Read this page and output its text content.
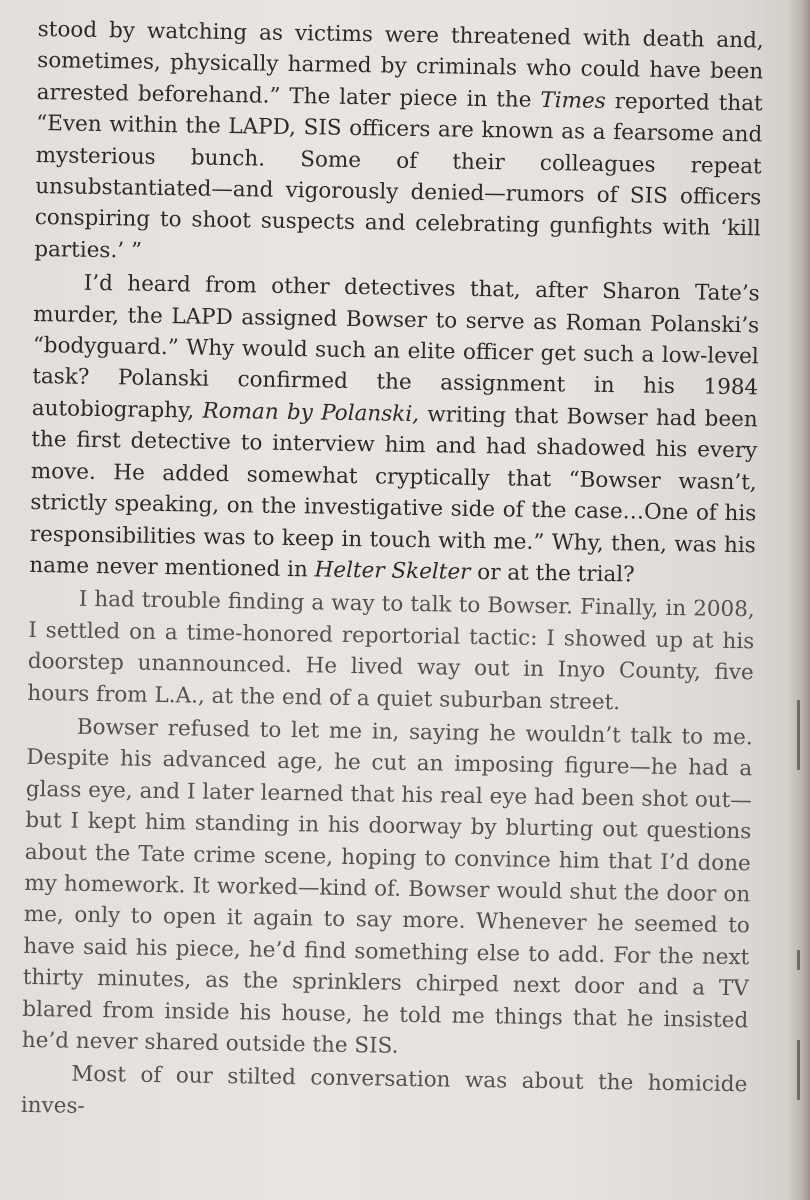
stood by watching as victims were threatened with death and, sometimes, physically harmed by criminals who could have been arrested beforehand.” The later piece in the Times reported that “Even within the LAPD, SIS officers are known as a fearsome and mysterious bunch. Some of their colleagues repeat unsubstantiated—and vigorously denied—rumors of SIS officers conspiring to shoot suspects and celebrating gunfights with ‘kill parties.’ ”

I’d heard from other detectives that, after Sharon Tate’s murder, the LAPD assigned Bowser to serve as Roman Polanski’s “bodyguard.” Why would such an elite officer get such a low-level task? Polanski confirmed the assignment in his 1984 autobiography, Roman by Polanski, writing that Bowser had been the first detective to interview him and had shadowed his every move. He added somewhat cryptically that “Bowser wasn’t, strictly speaking, on the investigative side of the case…One of his responsibilities was to keep in touch with me.” Why, then, was his name never mentioned in Helter Skelter or at the trial?

I had trouble finding a way to talk to Bowser. Finally, in 2008, I settled on a time-honored reportorial tactic: I showed up at his doorstep unannounced. He lived way out in Inyo County, five hours from L.A., at the end of a quiet suburban street.

Bowser refused to let me in, saying he wouldn’t talk to me. Despite his advanced age, he cut an imposing figure—he had a glass eye, and I later learned that his real eye had been shot out—but I kept him standing in his doorway by blurting out questions about the Tate crime scene, hoping to convince him that I’d done my homework. It worked—kind of. Bowser would shut the door on me, only to open it again to say more. Whenever he seemed to have said his piece, he’d find something else to add. For the next thirty minutes, as the sprinklers chirped next door and a TV blared from inside his house, he told me things that he insisted he’d never shared outside the SIS.

Most of our stilted conversation was about the homicide inves-
